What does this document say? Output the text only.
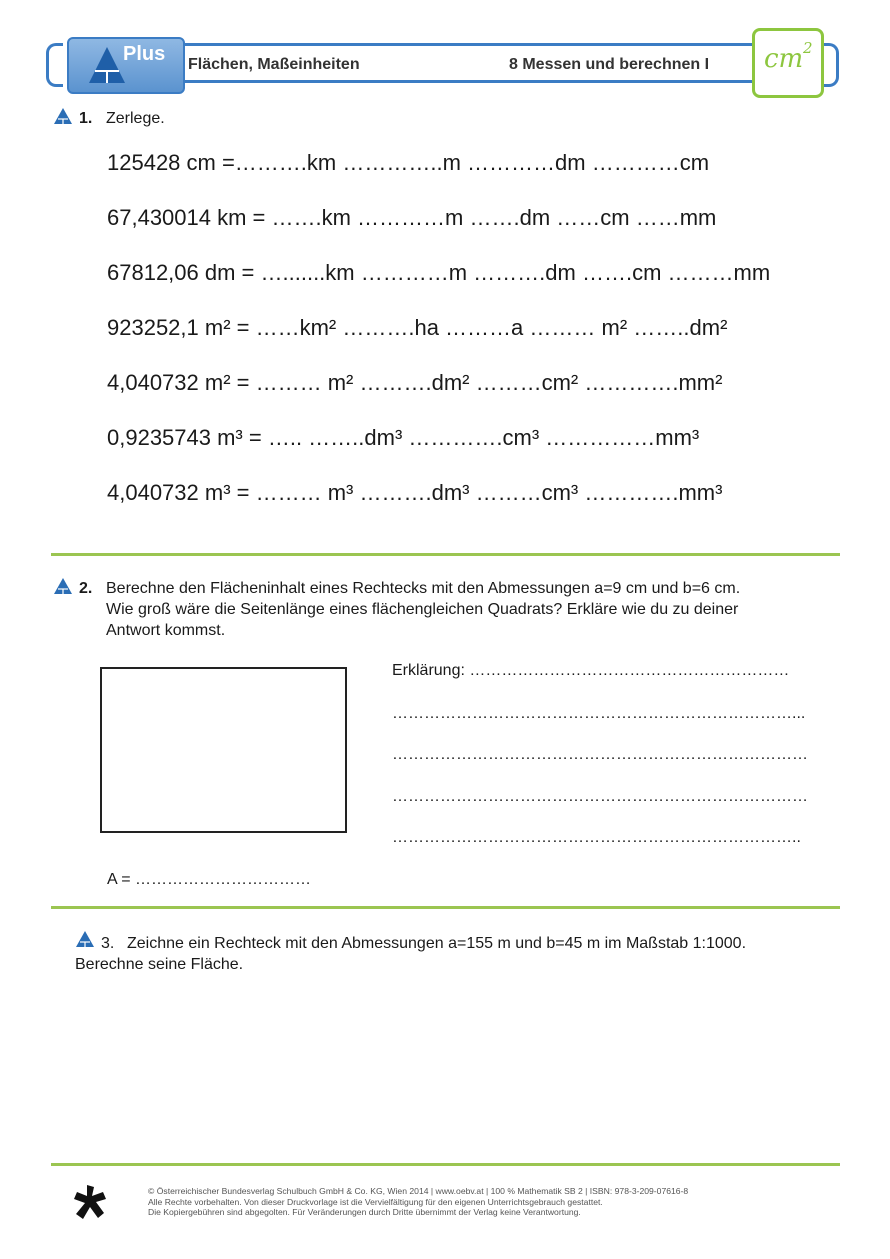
Plus Flächen, Maßeinheiten	8 Messen und berechnen I cm 2
1. Zerlege.
125428 cm =……….km …………..m …………dm …………cm
67,430014 km = …….km …………m …….dm ……cm ……mm
67812,06 dm = ….......km …………m ……….dm …….cm ………mm
923252,1 m² = ……km² ……….ha ………a ……… m² ……..dm²
4,040732 m² = ……… m² ……….dm² ………cm² ………….mm²
0,9235743 m³ = ….. ……..dm³ ………….cm³ ……………mm³
4,040732 m³ = ……… m³ ……….dm³ ………cm³ ………….mm³
2. Berechne den Flächeninhalt eines Rechtecks mit den Abmessungen a=9 cm und b=6 cm.
Wie groß wäre die Seitenlänge eines flächengleichen Quadrats? Erkläre wie du zu deiner
Antwort kommst.
Erklärung: ……………………………………………………
…………………………………………………………………...
……………………………………………………………………
……………………………………………………………………
…………………………………………………………………..
A = ……………………………
3. Zeichne ein Rechteck mit den Abmessungen a=155 m und b=45 m im Maßstab 1:1000.
Berechne seine Fläche.
© Österreichischer Bundesverlag Schulbuch GmbH & Co. KG, Wien 2014 | www.oebv.at | 100 % Mathematik SB 2 | ISBN: 978-3-209-07616-8
Alle Rechte vorbehalten. Von dieser Druckvorlage ist die Vervielfältigung für den eigenen Unterrichtsgebrauch gestattet.
Die Kopiergebühren sind abgegolten. Für Veränderungen durch Dritte übernimmt der Verlag keine Verantwortung.
